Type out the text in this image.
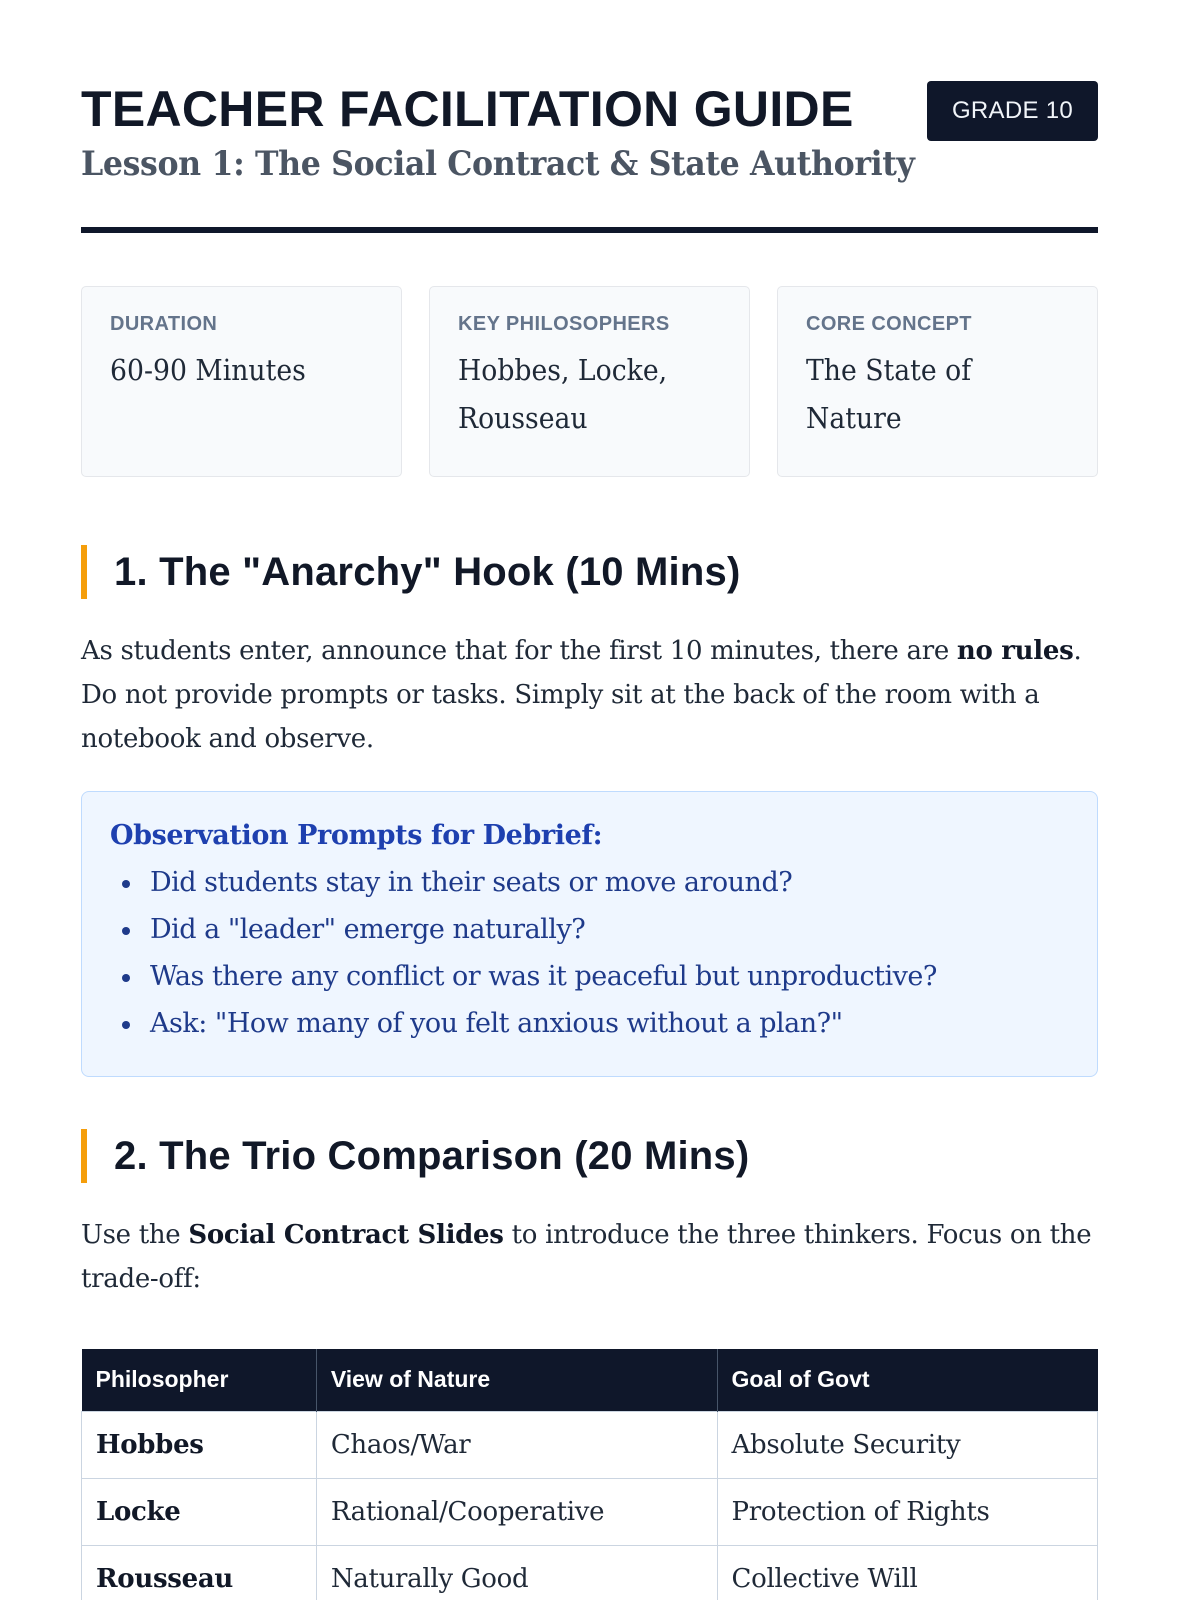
TEACHER FACILITATION GUIDE
Lesson 1: The Social Contract & State Authority
GRADE 10
DURATION
60-90 Minutes
KEY PHILOSOPHERS
Hobbes, Locke, Rousseau
CORE CONCEPT
The State of Nature
1. The "Anarchy" Hook (10 Mins)

As students enter, announce that for the first 10 minutes, there are no rules. Do not provide prompts or tasks. Simply sit at the back of the room with a notebook and observe.

Observation Prompts for Debrief:
Did students stay in their seats or move around?
Did a "leader" emerge naturally?
Was there any conflict or was it peaceful but unproductive?
Ask: "How many of you felt anxious without a plan?"
2. The Trio Comparison (20 Mins)

Use the Social Contract Slides to introduce the three thinkers. Focus on the trade-off:

Philosopher	View of Nature	Goal of Govt
Hobbes	Chaos/War	Absolute Security
Locke	Rational/Cooperative	Protection of Rights
Rousseau	Naturally Good	Collective Will
